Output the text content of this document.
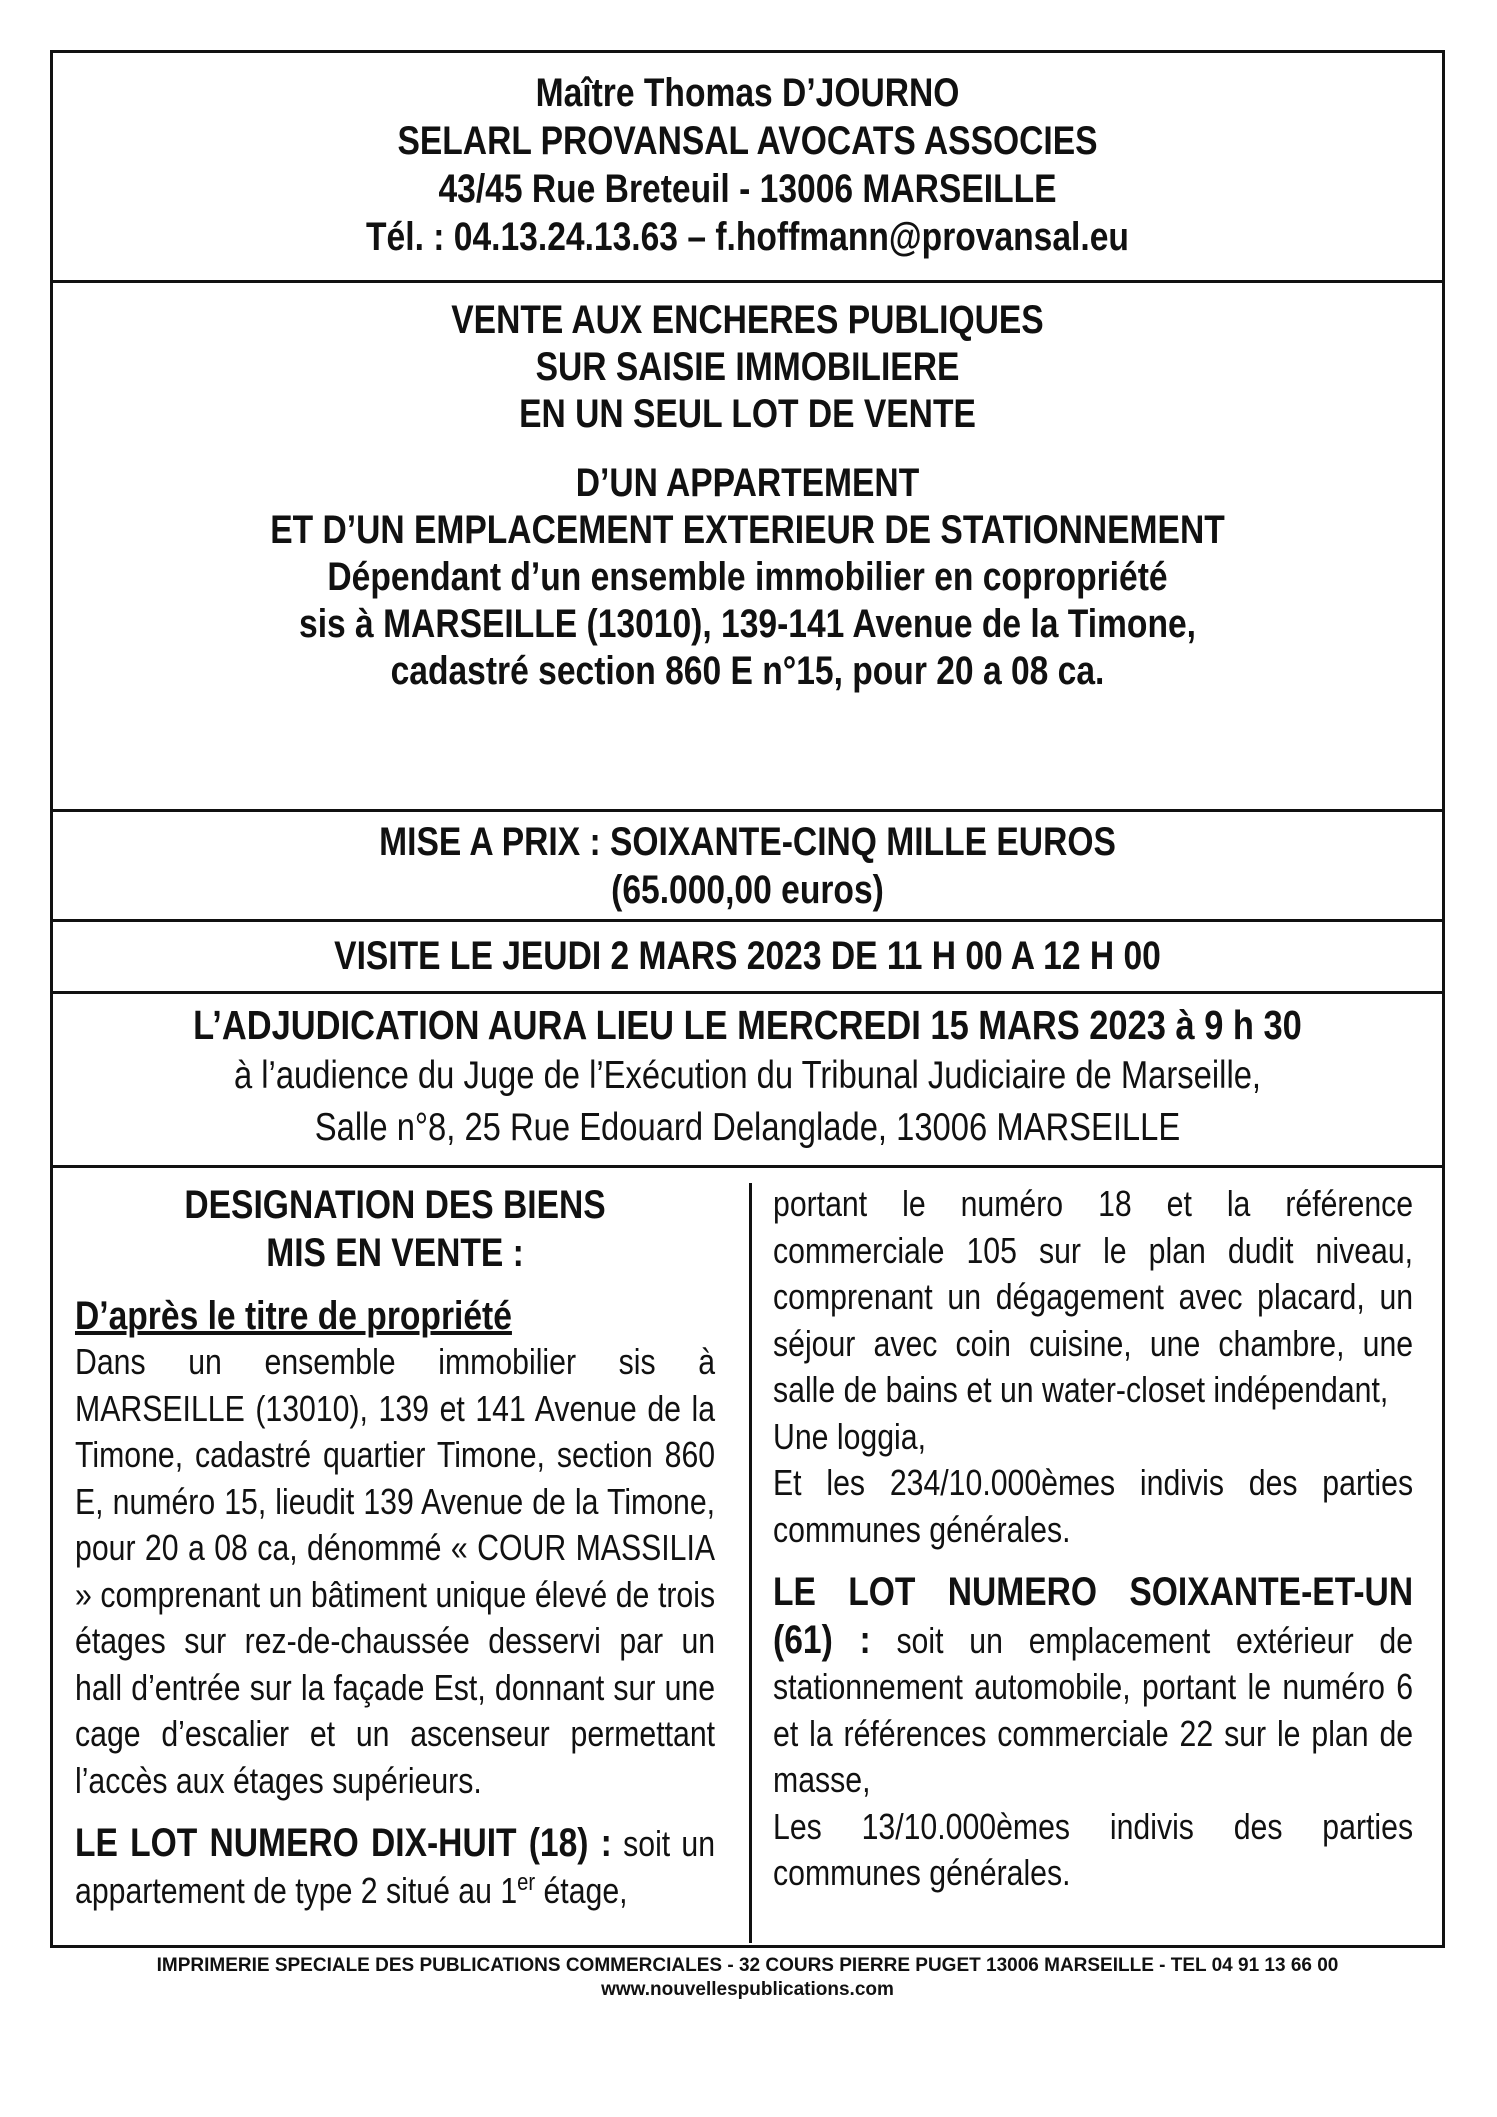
Maître Thomas D’JOURNO
SELARL PROVANSAL AVOCATS ASSOCIES
43/45 Rue Breteuil - 13006 MARSEILLE
Tél. : 04.13.24.13.63 – f.hoffmann@provansal.eu
VENTE AUX ENCHERES PUBLIQUES
SUR SAISIE IMMOBILIERE
EN UN SEUL LOT DE VENTE
D’UN APPARTEMENT
ET D’UN EMPLACEMENT EXTERIEUR DE STATIONNEMENT
Dépendant d’un ensemble immobilier en copropriété
sis à MARSEILLE (13010), 139-141 Avenue de la Timone,
cadastré section 860 E n°15, pour 20 a 08 ca.
MISE A PRIX : SOIXANTE-CINQ MILLE EUROS
(65.000,00 euros)
VISITE LE JEUDI 2 MARS 2023 DE 11 H 00 A 12 H 00
L’ADJUDICATION AURA LIEU LE MERCREDI 15 MARS 2023 à 9 h 30
à l’audience du Juge de l’Exécution du Tribunal Judiciaire de Marseille,
Salle n°8, 25 Rue Edouard Delanglade, 13006 MARSEILLE
DESIGNATION DES BIENS
MIS EN VENTE :
D’après le titre de propriété
Dans un ensemble immobilier sis à MARSEILLE (13010), 139 et 141 Avenue de la Timone, cadastré quartier Timone, section 860 E, numéro 15, lieudit 139 Avenue de la Timone, pour 20 a 08 ca, dénommé « COUR MASSILIA » comprenant un bâtiment unique élevé de trois étages sur rez-de-chaussée desservi par un hall d’entrée sur la façade Est, donnant sur une cage d’escalier et un ascenseur permettant l’accès aux étages supérieurs.
LE LOT NUMERO DIX-HUIT (18) : soit un appartement de type 2 situé au 1er étage,
portant le numéro 18 et la référence commerciale 105 sur le plan dudit niveau, comprenant un dégagement avec placard, un séjour avec coin cuisine, une chambre, une salle de bains et un water-closet indépendant,
Une loggia,
Et les 234/10.000èmes indivis des parties communes générales.
LE LOT NUMERO SOIXANTE-ET-UN (61) : soit un emplacement extérieur de stationnement automobile, portant le numéro 6 et la références commerciale 22 sur le plan de masse,
Les 13/10.000èmes indivis des parties communes générales.
IMPRIMERIE SPECIALE DES PUBLICATIONS COMMERCIALES - 32 COURS PIERRE PUGET 13006 MARSEILLE - TEL 04 91 13 66 00
www.nouvellespublications.com
